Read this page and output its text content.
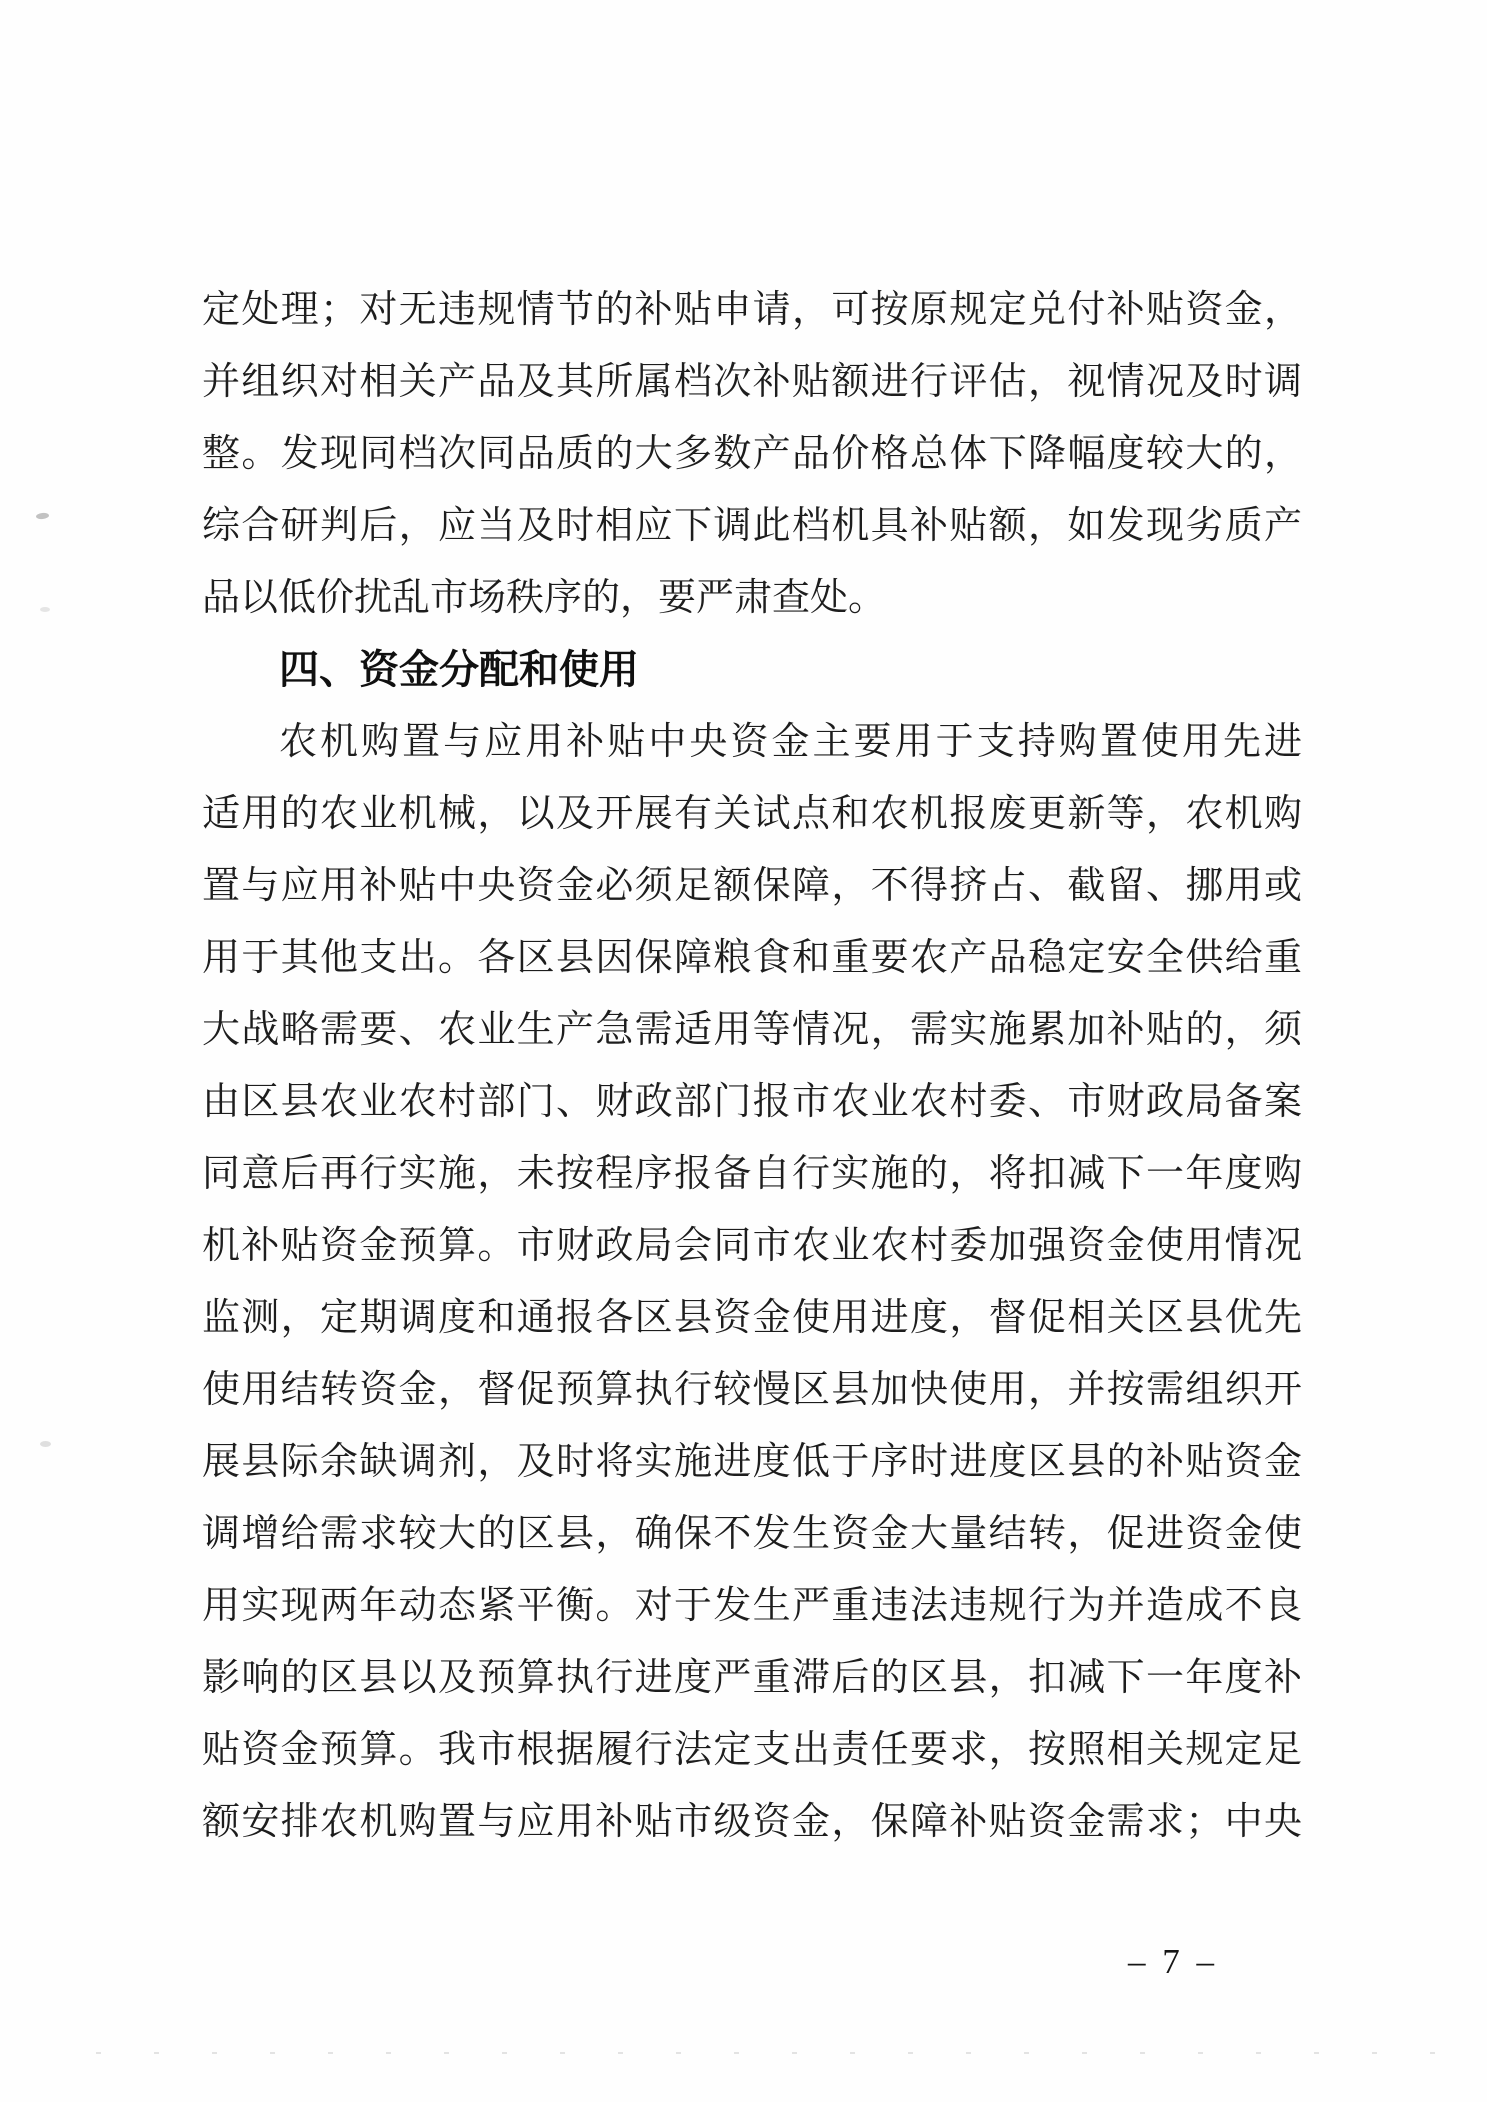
定处理；对无违规情节的补贴申请，可按原规定兑付补贴资金，
并组织对相关产品及其所属档次补贴额进行评估，视情况及时调
整。发现同档次同品质的大多数产品价格总体下降幅度较大的，
综合研判后，应当及时相应下调此档机具补贴额，如发现劣质产
品以低价扰乱市场秩序的，要严肃查处。
四、资金分配和使用
农机购置与应用补贴中央资金主要用于支持购置使用先进
适用的农业机械，以及开展有关试点和农机报废更新等，农机购
置与应用补贴中央资金必须足额保障，不得挤占、截留、挪用或
用于其他支出。各区县因保障粮食和重要农产品稳定安全供给重
大战略需要、农业生产急需适用等情况，需实施累加补贴的，须
由区县农业农村部门、财政部门报市农业农村委、市财政局备案
同意后再行实施，未按程序报备自行实施的，将扣减下一年度购
机补贴资金预算。市财政局会同市农业农村委加强资金使用情况
监测，定期调度和通报各区县资金使用进度，督促相关区县优先
使用结转资金，督促预算执行较慢区县加快使用，并按需组织开
展县际余缺调剂，及时将实施进度低于序时进度区县的补贴资金
调增给需求较大的区县，确保不发生资金大量结转，促进资金使
用实现两年动态紧平衡。对于发生严重违法违规行为并造成不良
影响的区县以及预算执行进度严重滞后的区县，扣减下一年度补
贴资金预算。我市根据履行法定支出责任要求，按照相关规定足
额安排农机购置与应用补贴市级资金，保障补贴资金需求；中央
– 7 –
